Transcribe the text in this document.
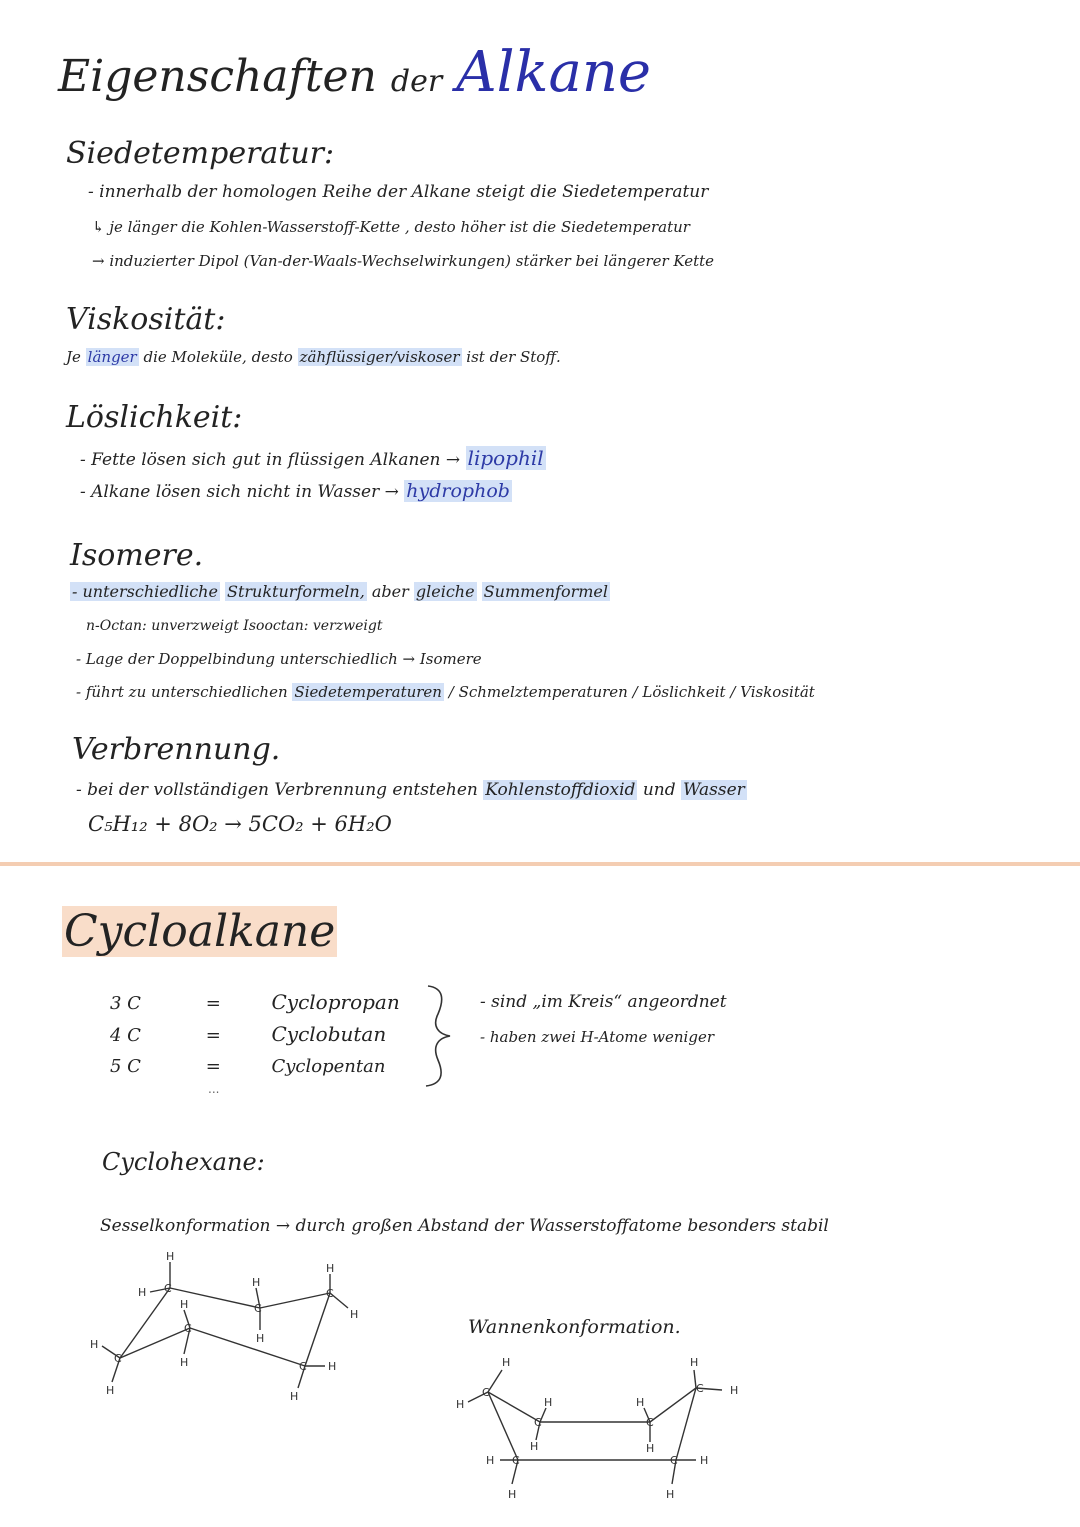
Eigenschaften der Alkane
Siedetemperatur:
- innerhalb der homologen Reihe der Alkane steigt die Siedetemperatur
↳ je länger die Kohlen-Wasserstoff-Kette , desto höher ist die Siedetemperatur
→ induzierter Dipol (Van-der-Waals-Wechselwirkungen) stärker bei längerer Kette
Viskosität:
Je länger die Moleküle, desto zähflüssiger/viskoser ist der Stoff.
Löslichkeit:
- Fette lösen sich gut in flüssigen Alkanen → lipophil
- Alkane lösen sich nicht in Wasser → hydrophob
Isomere.
- unterschiedliche Strukturformeln, aber gleiche Summenformel
n-Octan: unverzweigt Isooctan: verzweigt
- Lage der Doppelbindung unterschiedlich → Isomere
- führt zu unterschiedlichen Siedetemperaturen / Schmelztemperaturen / Löslichkeit / Viskosität
Verbrennung.
- bei der vollständigen Verbrennung entstehen Kohlenstoffdioxid und Wasser
C₅H₁₂ + 8O₂ → 5CO₂ + 6H₂O
Cycloalkane
3 C	=	Cyclopropan
4 C	=	Cyclobutan
5 C	=	Cyclopentan
...
- sind „im Kreis“ angeordnet
- haben zwei H-Atome weniger
Cyclohexane:
Sesselkonformation → durch großen Abstand der Wasserstoffatome besonders stabil
H
C
H
C
H
H
C
H
H
C
H
H
C
H
H
C H
H
Wannenkonformation.
H
C
H
C
H
H
C
H
H
C
H
H
C
H
H
C H
H
